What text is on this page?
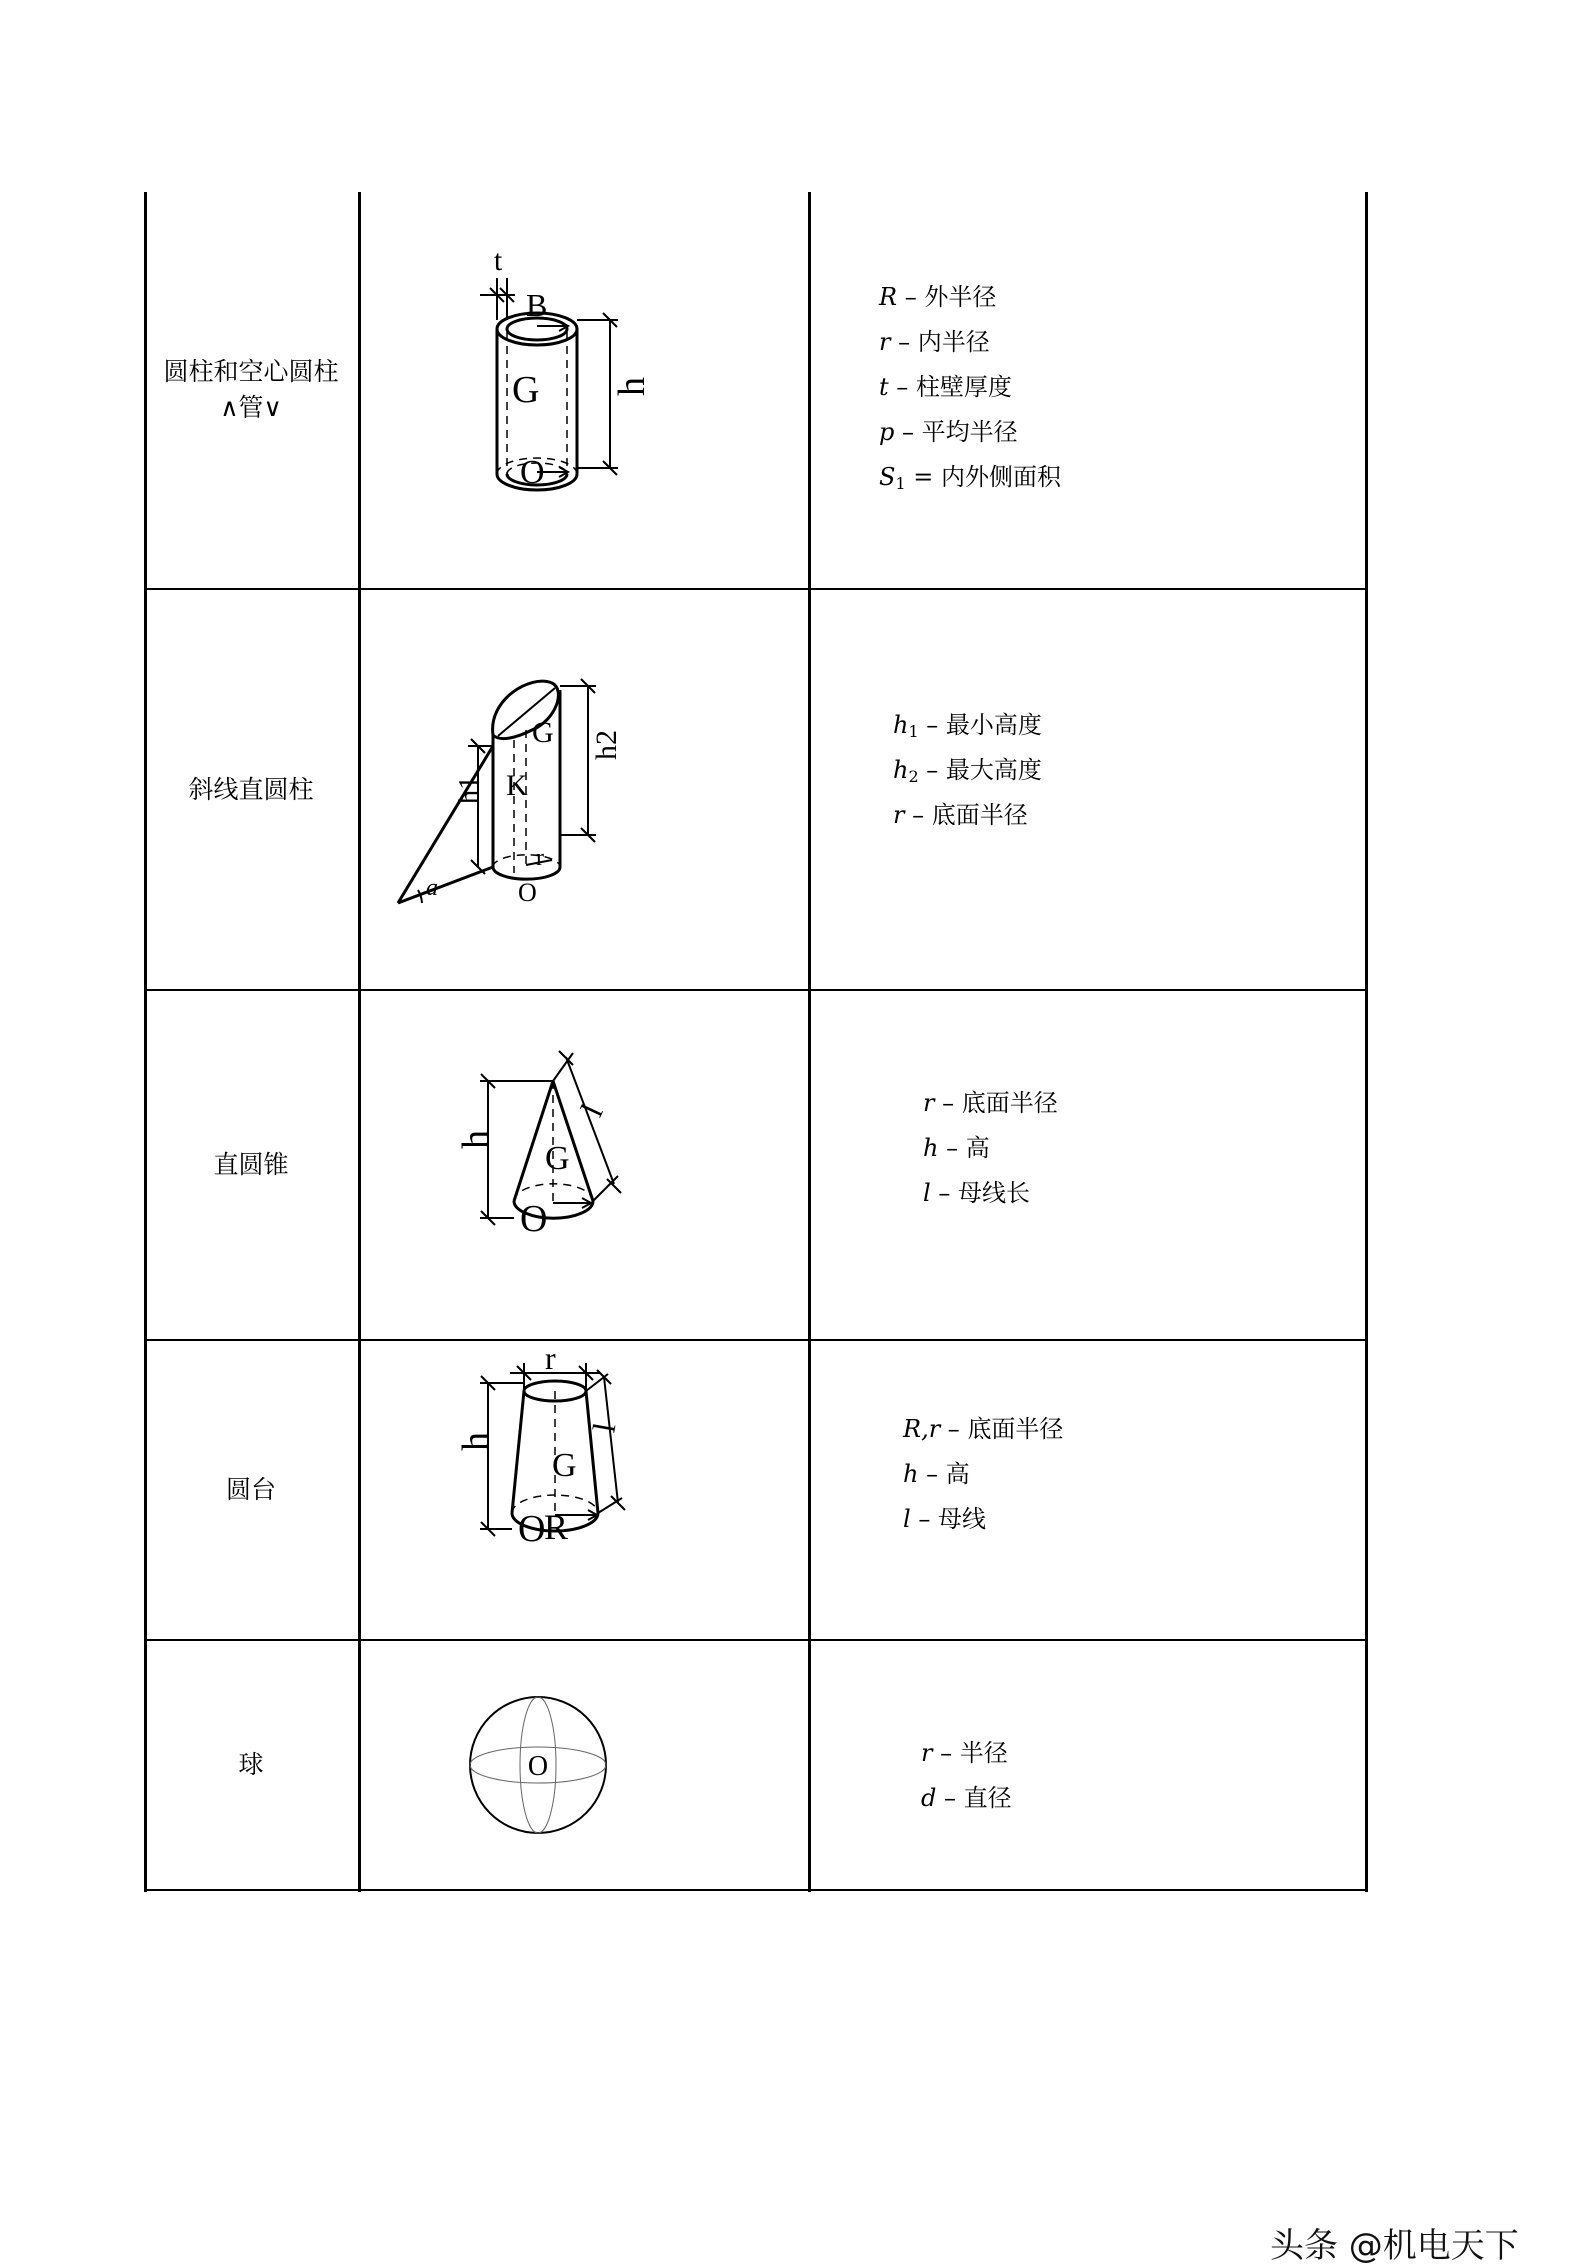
圆柱和空心圆柱
∧管∨
t
B
G h
O
R – 外半径
r – 内半径
t – 柱壁厚度
p – 平均半径
S1 = 内外侧面积
斜线直圆柱
a
h1 K
G h2
r
O
h1 – 最小高度
h2 – 最大高度
r – 底面半径
直圆锥
h
G
l
O
r – 底面半径
h – 高
l – 母线长
圆台
r
h
G
l
O
R
R,r – 底面半径
h – 高
l – 母线
球	O	r – 半径
d – 直径
头条 @机电天下
